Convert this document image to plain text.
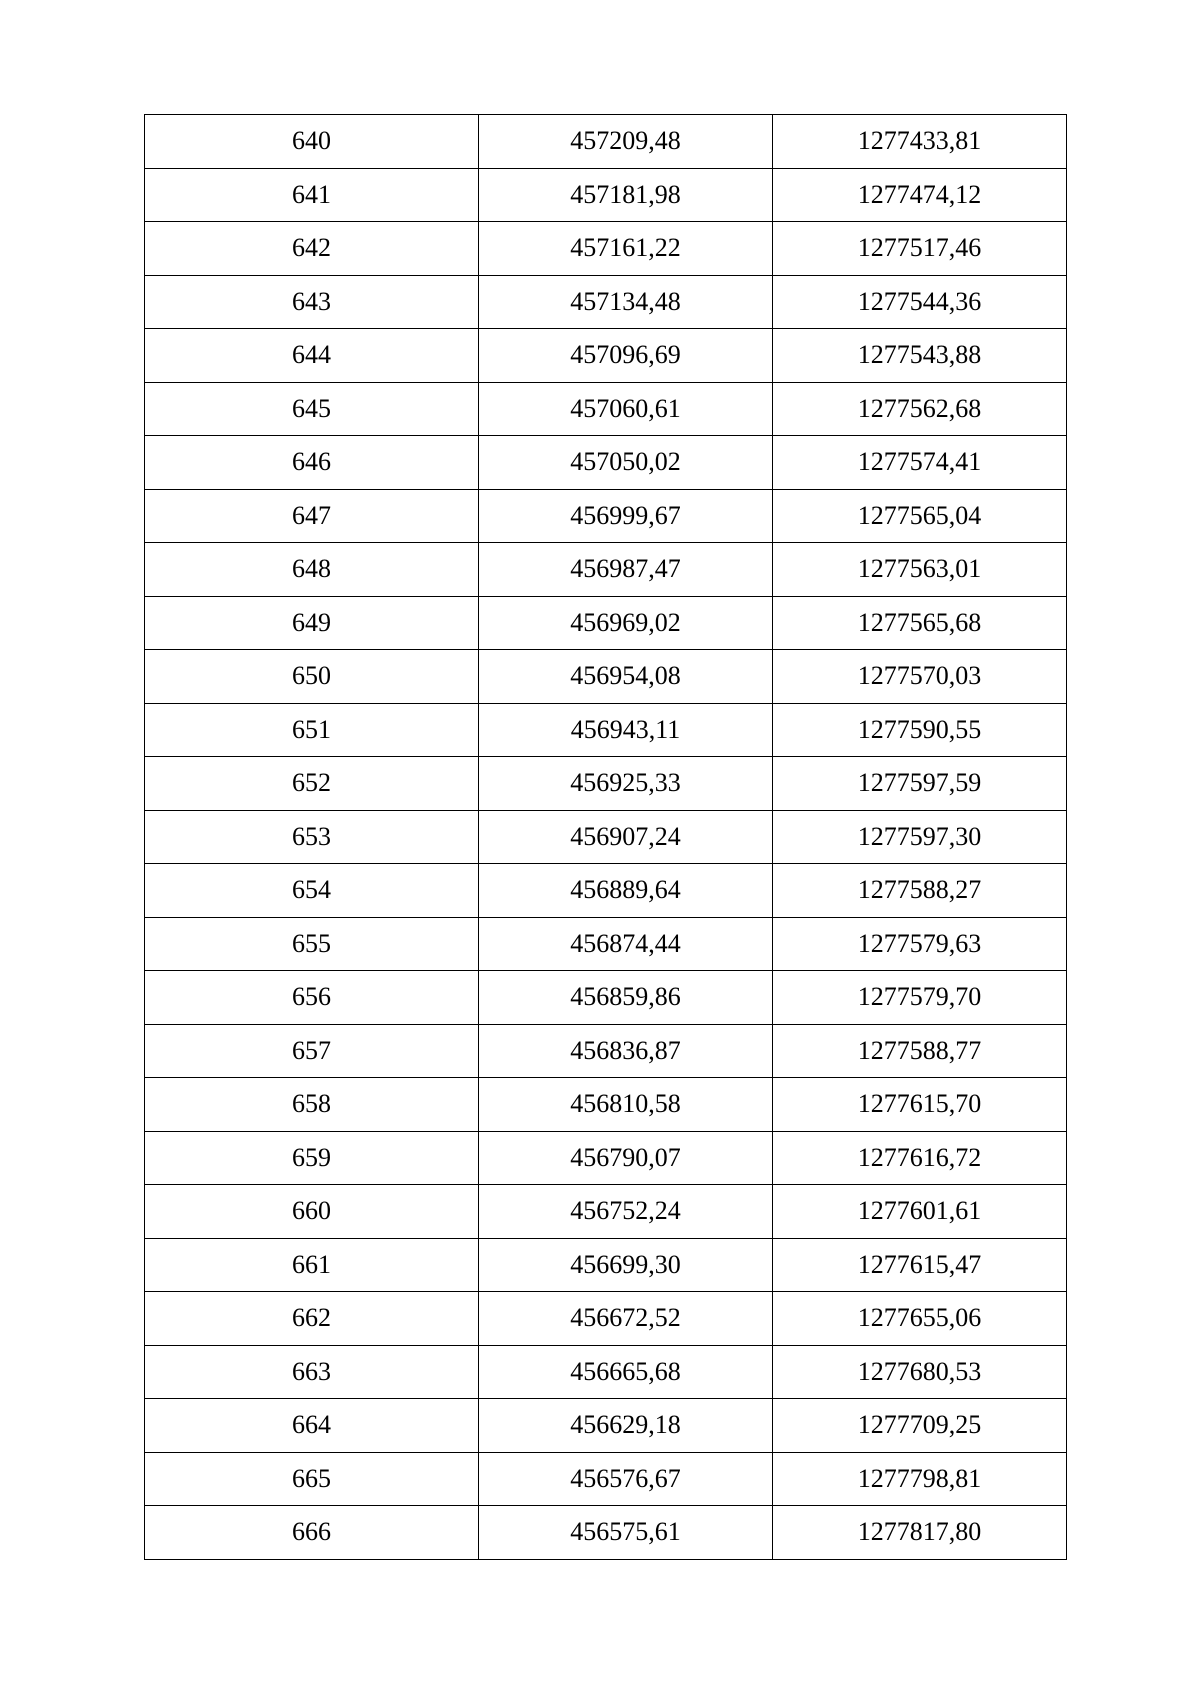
640	457209,48	1277433,81
641	457181,98	1277474,12
642	457161,22	1277517,46
643	457134,48	1277544,36
644	457096,69	1277543,88
645	457060,61	1277562,68
646	457050,02	1277574,41
647	456999,67	1277565,04
648	456987,47	1277563,01
649	456969,02	1277565,68
650	456954,08	1277570,03
651	456943,11	1277590,55
652	456925,33	1277597,59
653	456907,24	1277597,30
654	456889,64	1277588,27
655	456874,44	1277579,63
656	456859,86	1277579,70
657	456836,87	1277588,77
658	456810,58	1277615,70
659	456790,07	1277616,72
660	456752,24	1277601,61
661	456699,30	1277615,47
662	456672,52	1277655,06
663	456665,68	1277680,53
664	456629,18	1277709,25
665	456576,67	1277798,81
666	456575,61	1277817,80
